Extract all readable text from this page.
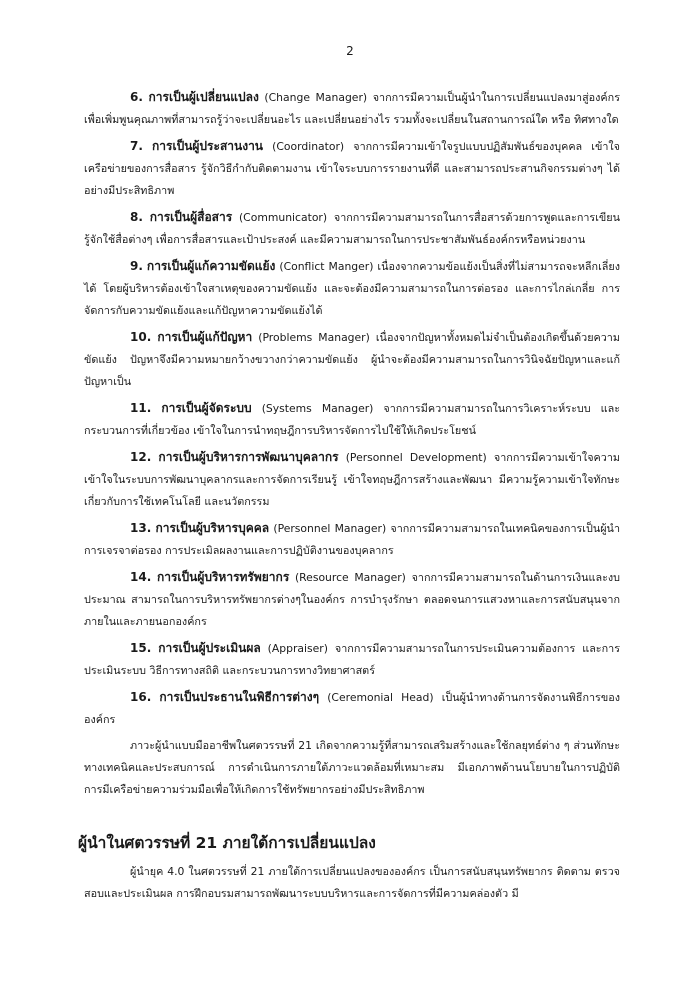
2

6. การเป็นผู้เปลี่ยนแปลง (Change Manager) จากการมีความเป็นผู้นำในการเปลี่ยนแปลงมาสู่องค์กรเพื่อเพิ่มพูนคุณภาพที่สามารถรู้ว่าจะเปลี่ยนอะไร และเปลี่ยนอย่างไร รวมทั้งจะเปลี่ยนในสถานการณ์ใด หรือ ทิศทางใด

7. การเป็นผู้ประสานงาน (Coordinator) จากการมีความเข้าใจรูปแบบปฏิสัมพันธ์ของบุคคล เข้าใจ เครือข่ายของการสื่อสาร รู้จักวิธีกำกับติดตามงาน เข้าใจระบบการรายงานที่ดี และสามารถประสานกิจกรรมต่างๆ ได้อย่างมีประสิทธิภาพ

8. การเป็นผู้สื่อสาร (Communicator) จากการมีความสามารถในการสื่อสารด้วยการพูดและการเขียน รู้จักใช้สื่อต่างๆ เพื่อการสื่อสารและเป้าประสงค์ และมีความสามารถในการประชาสัมพันธ์องค์กรหรือหน่วยงาน

9. การเป็นผู้แก้ความขัดแย้ง (Conflict Manger) เนื่องจากความข้อแย้งเป็นสิ่งที่ไม่สามารถจะหลีกเลี่ยงได้ โดยผู้บริหารต้องเข้าใจสาเหตุของความขัดแย้ง และจะต้องมีความสามารถในการต่อรอง และการไกล่เกลี่ย การจัดการกับความขัดแย้งและแก้ปัญหาความขัดแย้งได้

10. การเป็นผู้แก้ปัญหา (Problems Manager) เนื่องจากปัญหาทั้งหมดไม่จำเป็นต้องเกิดขึ้นด้วยความขัดแย้ง ปัญหาจึงมีความหมายกว้างขวางกว่าความขัดแย้ง ผู้นำจะต้องมีความสามารถในการวินิจฉัยปัญหาและแก้ปัญหาเป็น

11. การเป็นผู้จัดระบบ (Systems Manager) จากการมีความสามารถในการวิเคราะห์ระบบ และกระบวนการที่เกี่ยวข้อง เข้าใจในการนำทฤษฎีการบริหารจัดการไปใช้ให้เกิดประโยชน์

12. การเป็นผู้บริหารการพัฒนาบุคลากร (Personnel Development) จากการมีความเข้าใจความ เข้าใจในระบบการพัฒนาบุคลากรและการจัดการเรียนรู้ เข้าใจทฤษฎีการสร้างและพัฒนา มีความรู้ความเข้าใจทักษะเกี่ยวกับการใช้เทคโนโลยี และนวัตกรรม

13. การเป็นผู้บริหารบุคคล (Personnel Manager) จากการมีความสามารถในเทคนิคของการเป็นผู้นำ การเจรจาต่อรอง การประเมิลผลงานและการปฏิบัติงานของบุคลากร

14. การเป็นผู้บริหารทรัพยากร (Resource Manager) จากการมีความสามารถในด้านการเงินและงบประมาณ สามารถในการบริหารทรัพยากรต่างๆในองค์กร การบำรุงรักษา ตลอดจนการแสวงหาและการสนับสนุนจากภายในและภายนอกองค์กร

15. การเป็นผู้ประเมินผล (Appraiser) จากการมีความสามารถในการประเมินความต้องการ และการประเมินระบบ วิธีการทางสถิติ และกระบวนการทางวิทยาศาสตร์

16. การเป็นประธานในพิธีการต่างๆ (Ceremonial Head) เป็นผู้นำทางด้านการจัดงานพิธีการขององค์กร

ภาวะผู้นำแบบมืออาชีพในศตวรรษที่ 21 เกิดจากความรู้ที่สามารถเสริมสร้างและใช้กลยุทธ์ต่าง ๆ ส่วนทักษะทางเทคนิคและประสบการณ์ การดำเนินการภายใต้ภาวะแวดล้อมที่เหมาะสม มีเอกภาพด้านนโยบายในการปฏิบัติ การมีเครือข่ายความร่วมมือเพื่อให้เกิดการใช้ทรัพยากรอย่างมีประสิทธิภาพ

ผู้นำในศตวรรษที่ 21 ภายใต้การเปลี่ยนแปลง

ผู้นำยุค 4.0 ในศตวรรษที่ 21 ภายใต้การเปลี่ยนแปลงขององค์กร เป็นการสนับสนุนทรัพยากร ติดตาม ตรวจสอบและประเมินผล การฝึกอบรมสามารถพัฒนาระบบบริหารและการจัดการที่มีความคล่องตัว มี
